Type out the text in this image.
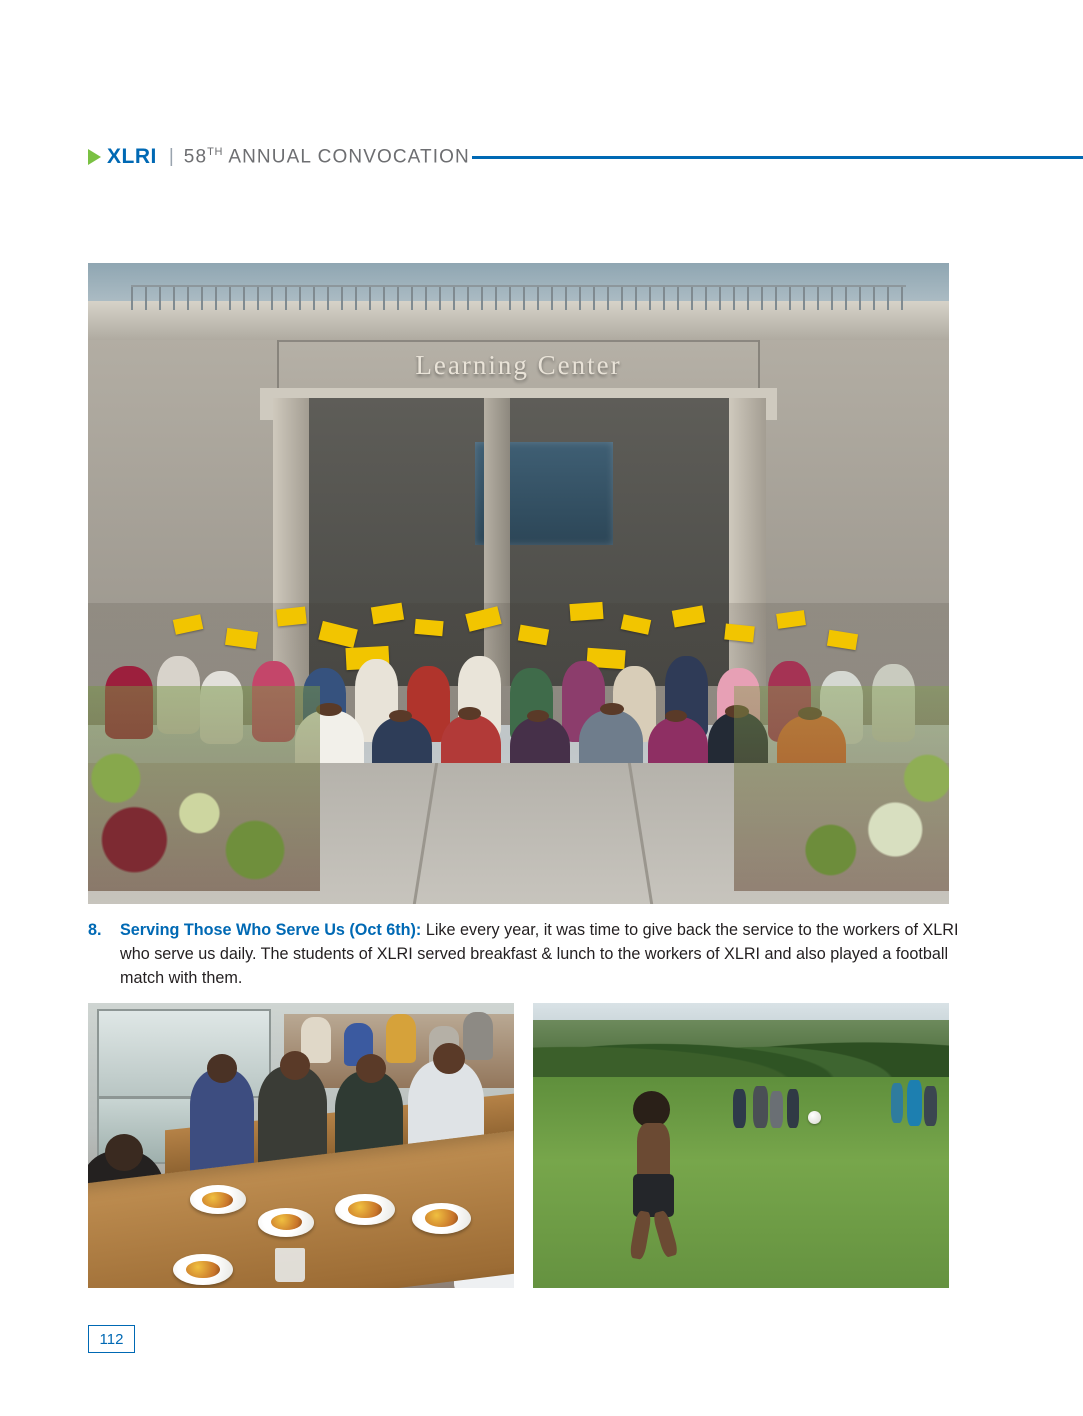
XLRI | 58TH ANNUAL CONVOCATION
Learning Center
8.	Serving Those Who Serve Us (Oct 6th): Like every year, it was time to give back the service to the workers of XLRI who serve us daily. The students of XLRI served breakfast & lunch to the workers of XLRI and also played a football match with them.
112
